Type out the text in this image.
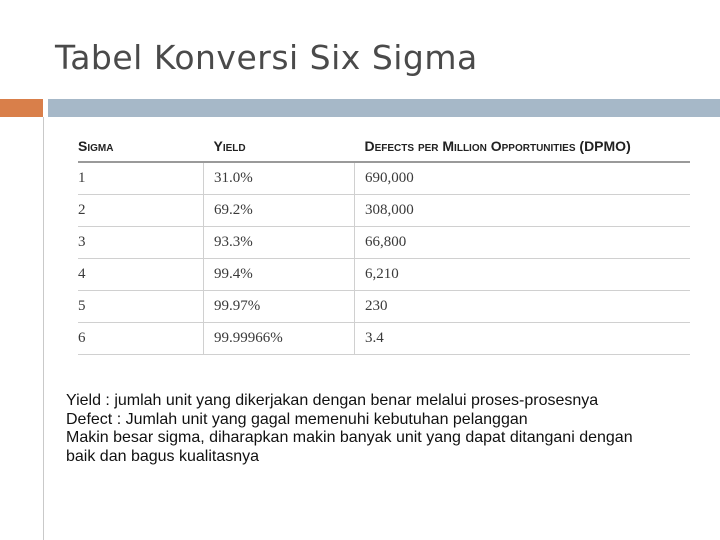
Tabel Konversi Six Sigma
Sigma	Yield	Defects per Million Opportunities (DPMO)
1	31.0%	690,000
2	69.2%	308,000
3	93.3%	66,800
4	99.4%	6,210
5	99.97%	230
6	99.99966%	3.4

Yield : jumlah unit yang dikerjakan dengan benar melalui proses-prosesnya

Defect : Jumlah unit yang gagal memenuhi kebutuhan pelanggan

Makin besar sigma, diharapkan makin banyak unit yang dapat ditangani dengan baik dan bagus kualitasnya
